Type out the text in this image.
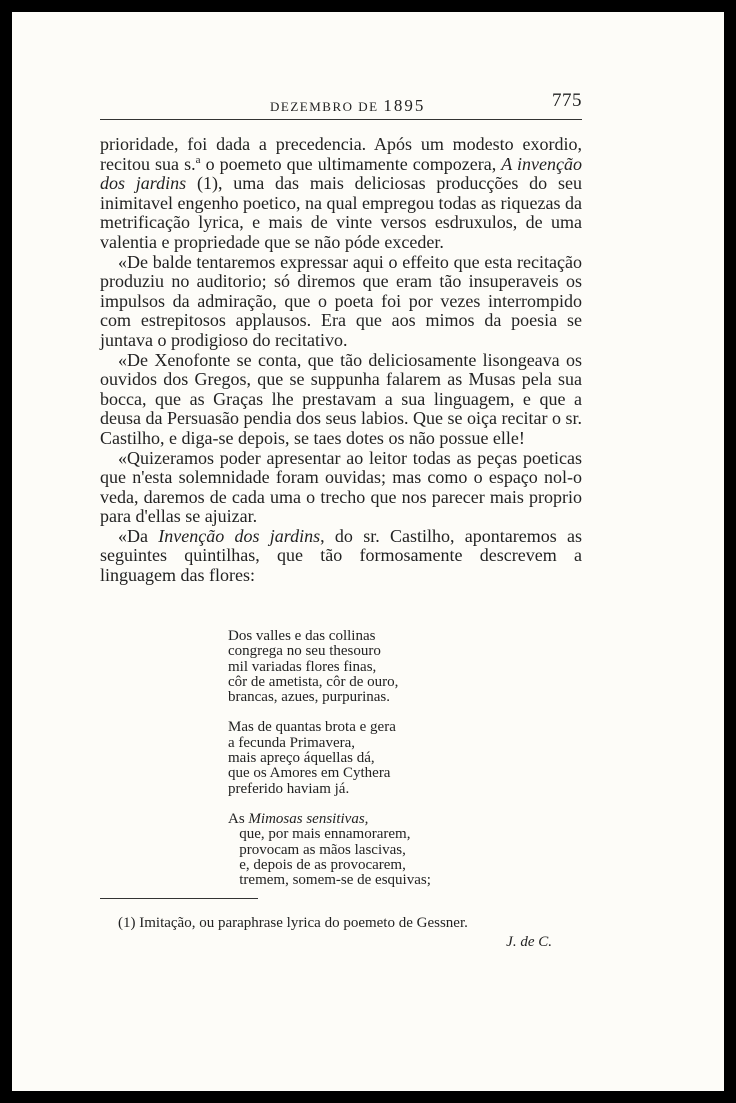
DEZEMBRO DE 1895	775

prioridade, foi dada a precedencia. Após um modesto exordio, recitou sua s.$^a$ o poemeto que ultimamente compozera, A invenção dos jardins (1), uma das mais deliciosas producções do seu inimitavel engenho poetico, na qual empregou todas as riquezas da metrificação lyrica, e mais de vinte versos esdruxulos, de uma valentia e propriedade que se não póde exceder.

«De balde tentaremos expressar aqui o effeito que esta recitação produziu no auditorio; só diremos que eram tão insuperaveis os impulsos da admiração, que o poeta foi por vezes interrompido com estrepitosos applausos. Era que aos mimos da poesia se juntava o prodigioso do recitativo.

«De Xenofonte se conta, que tão deliciosamente lisongeava os ouvidos dos Gregos, que se suppunha falarem as Musas pela sua bocca, que as Graças lhe prestavam a sua linguagem, e que a deusa da Persuasão pendia dos seus labios. Que se oiça recitar o sr. Castilho, e diga-se depois, se taes dotes os não possue elle!

«Quizeramos poder apresentar ao leitor todas as peças poeticas que n'esta solemnidade foram ouvidas; mas como o espaço nol-o veda, daremos de cada uma o trecho que nos parecer mais proprio para d'ellas se ajuizar.

«Da Invenção dos jardins, do sr. Castilho, apontaremos as seguintes quintilhas, que tão formosamente descrevem a linguagem das flores:

Dos valles e das collinas
congrega no seu thesouro
mil variadas flores finas,
côr de ametista, côr de ouro,
brancas, azues, purpurinas.
Mas de quantas brota e gera
a fecunda Primavera,
mais apreço áquellas dá,
que os Amores em Cythera
preferido haviam já.
As Mimosas sensitivas,
que, por mais ennamorarem,
provocam as mãos lascivas,
e, depois de as provocarem,
tremem, somem-se de esquivas;
(1) Imitação, ou paraphrase lyrica do poemeto de Gessner.
J. de C.
